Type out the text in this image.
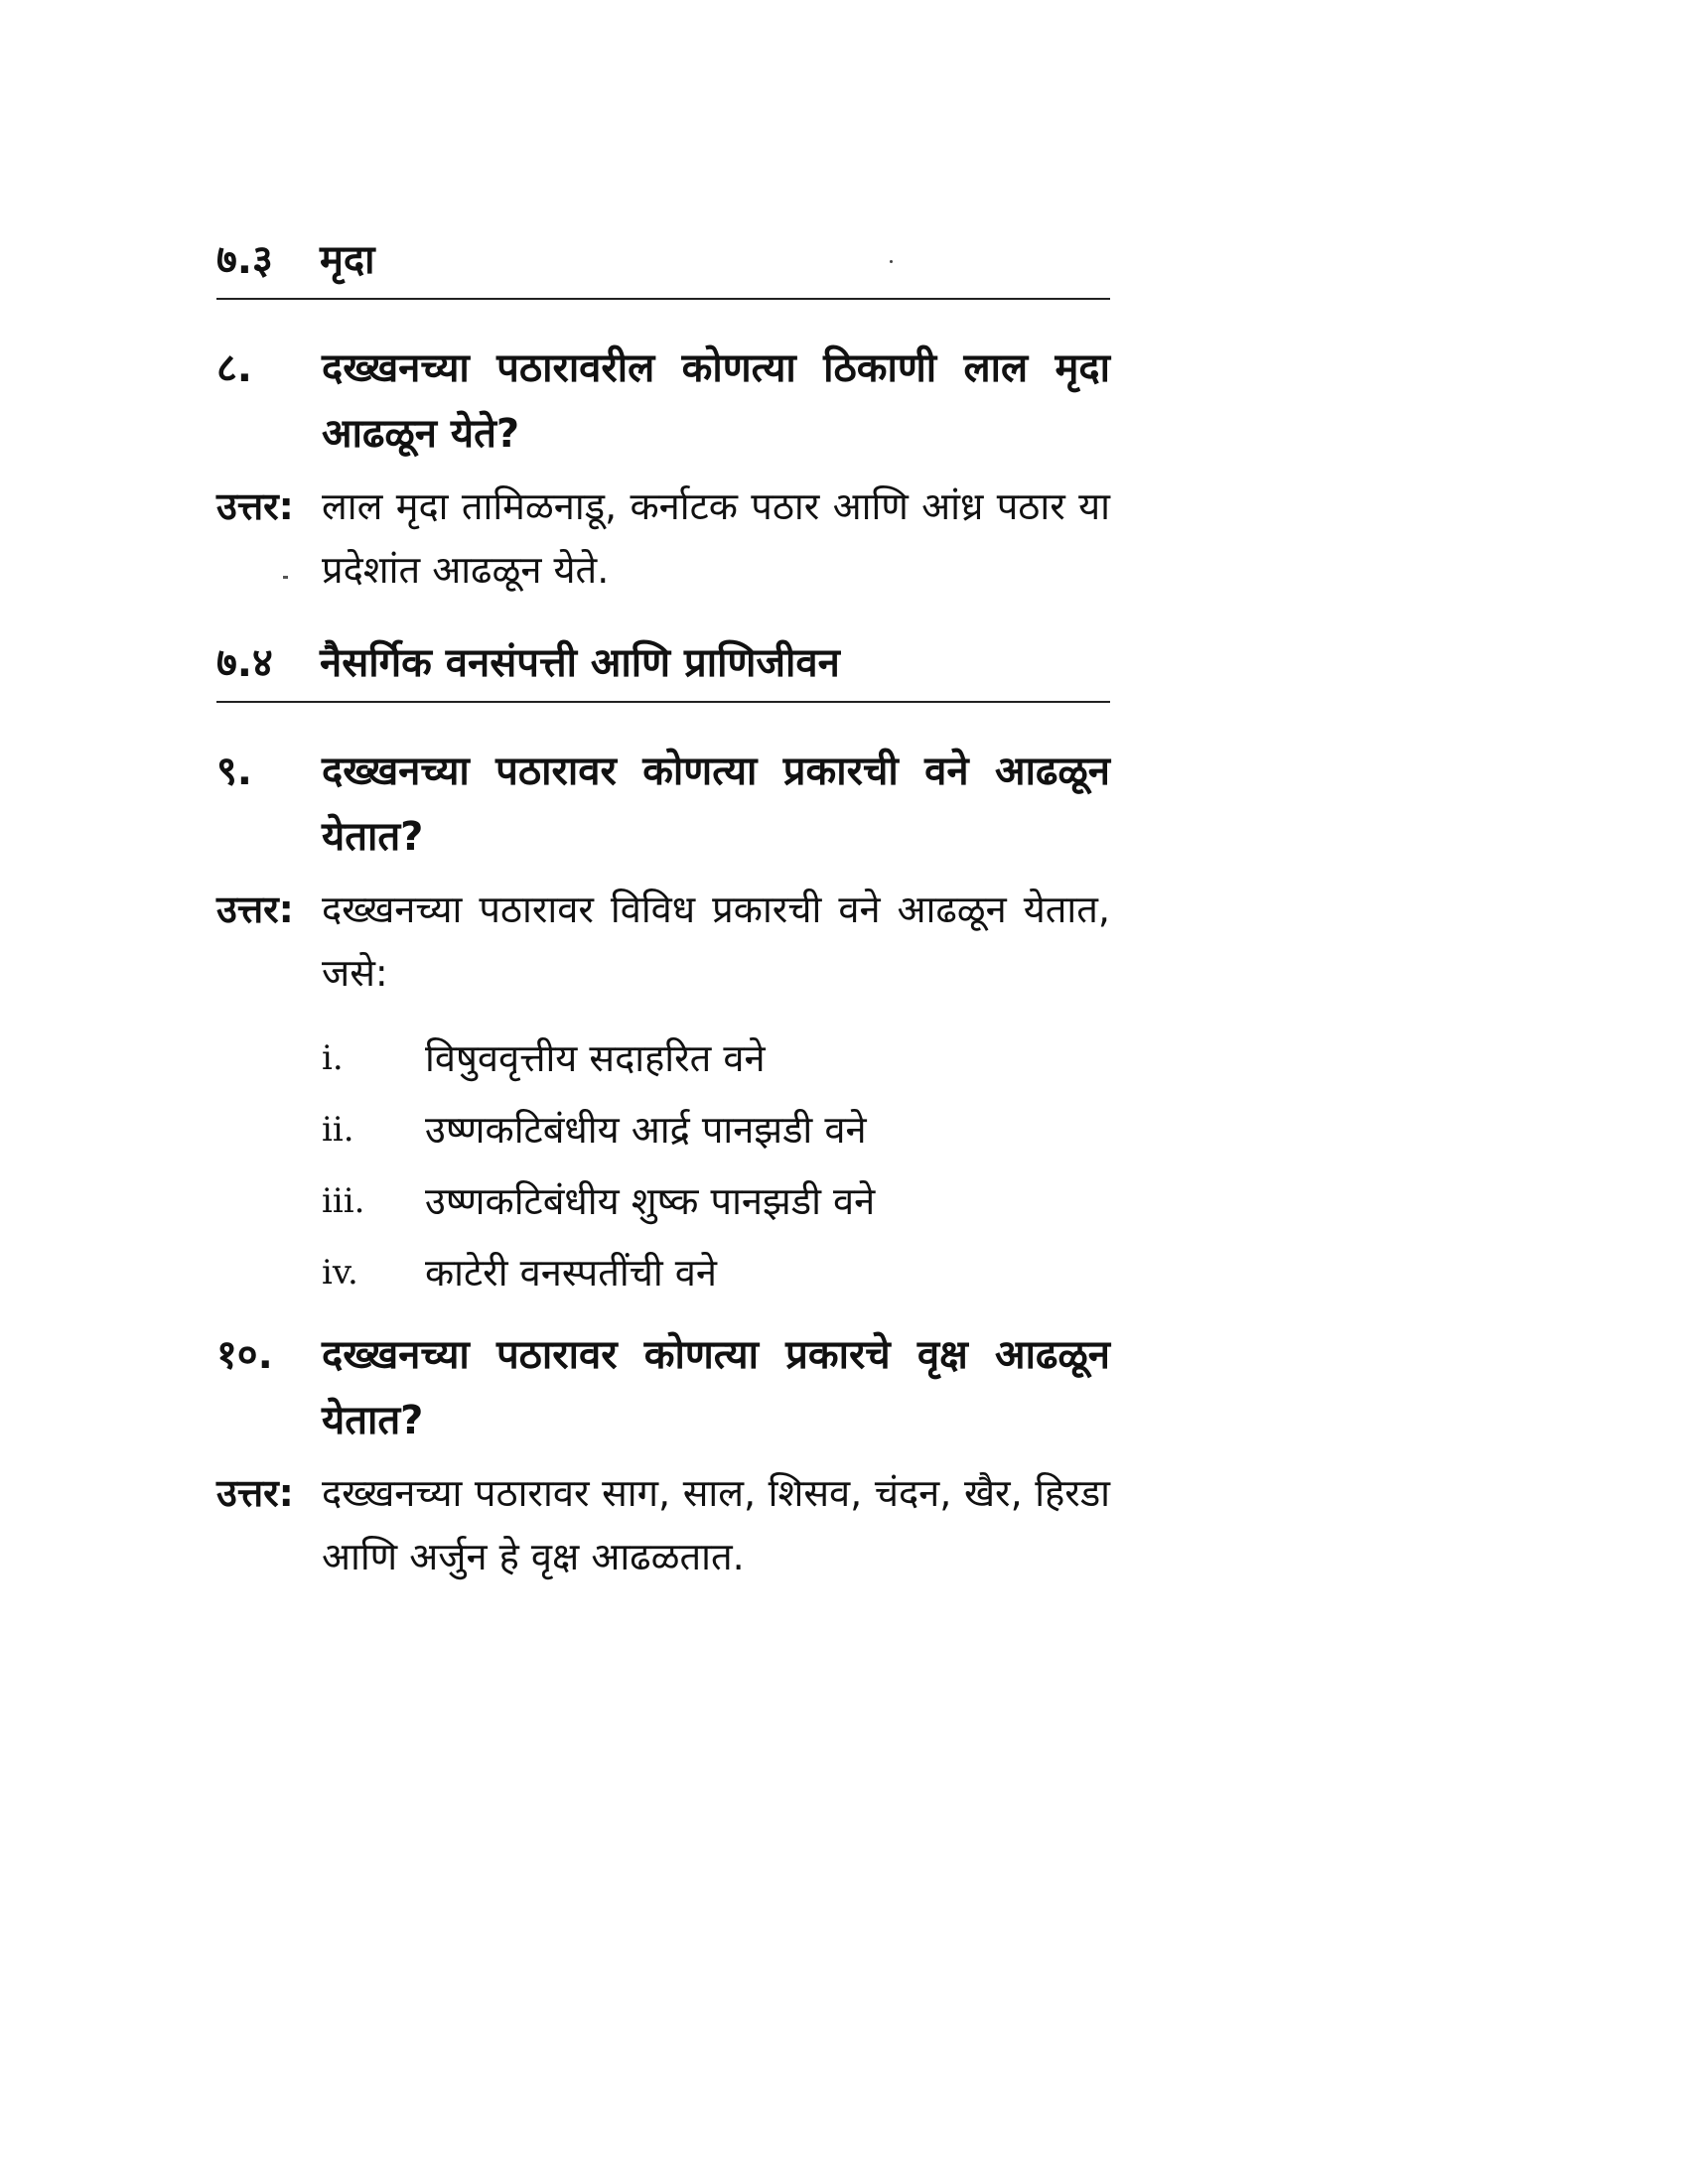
७.३ मृदा
८. दख्खनच्या पठारावरील कोणत्या ठिकाणी लाल मृदा आढळून येते?
उत्तर: लाल मृदा तामिळनाडू, कर्नाटक पठार आणि आंध्र पठार या प्रदेशांत आढळून येते.
७.४ नैसर्गिक वनसंपत्ती आणि प्राणिजीवन
९. दख्खनच्या पठारावर कोणत्या प्रकारची वने आढळून येतात?
उत्तर: दख्खनच्या पठारावर विविध प्रकारची वने आढळून येतात, जसे:
i. विषुववृत्तीय सदाहरित वने
ii. उष्णकटिबंधीय आर्द्र पानझडी वने
iii. उष्णकटिबंधीय शुष्क पानझडी वने
iv. काटेरी वनस्पतींची वने
१०. दख्खनच्या पठारावर कोणत्या प्रकारचे वृक्ष आढळून येतात?
उत्तर: दख्खनच्या पठारावर साग, साल, शिसव, चंदन, खैर, हिरडा आणि अर्जुन हे वृक्ष आढळतात.
